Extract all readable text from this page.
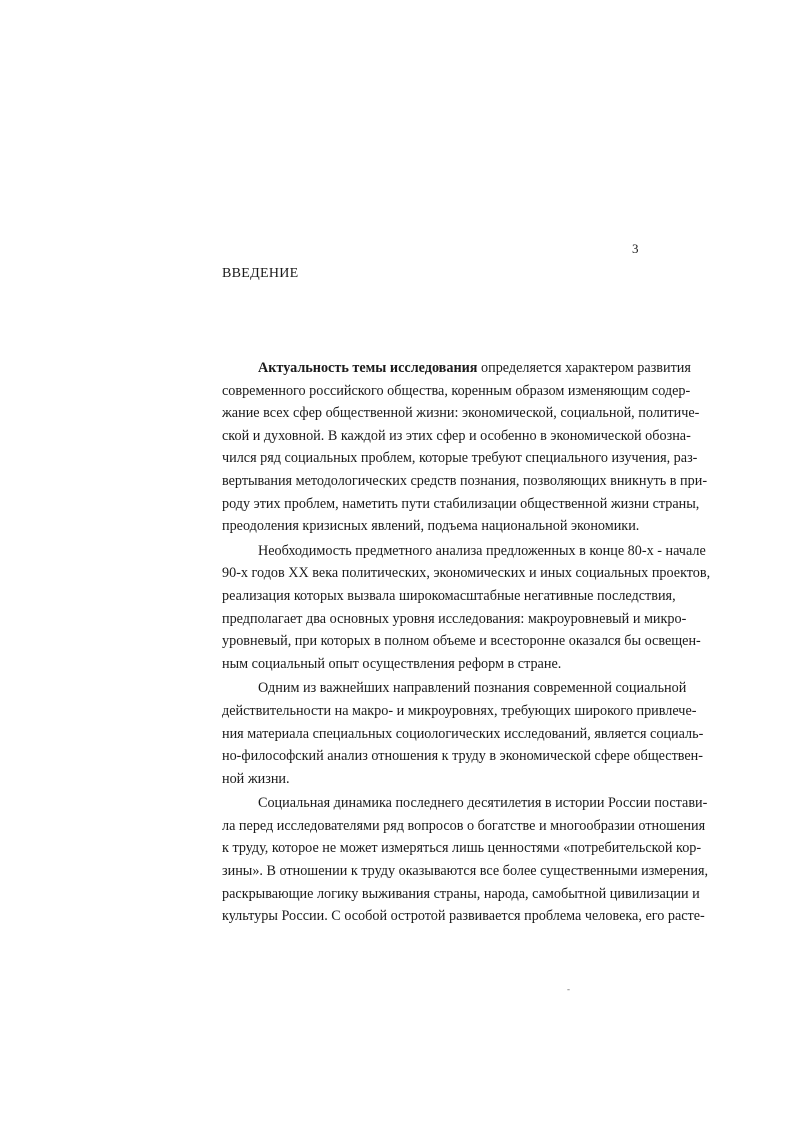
3
ВВЕДЕНИЕ
Актуальность темы исследования определяется характером развития
современного российского общества, коренным образом изменяющим содер-
жание всех сфер общественной жизни: экономической, социальной, политиче-
ской и духовной. В каждой из этих сфер и особенно в экономической обозна-
чился ряд социальных проблем, которые требуют специального изучения, раз-
вертывания методологических средств познания, позволяющих вникнуть в при-
роду этих проблем, наметить пути стабилизации общественной жизни страны,
преодоления кризисных явлений, подъема национальной экономики.
Необходимость предметного анализа предложенных в конце 80-х - начале
90-х годов XX века политических, экономических и иных социальных проектов,
реализация которых вызвала широкомасштабные негативные последствия,
предполагает два основных уровня исследования: макроуровневый и микро-
уровневый, при которых в полном объеме и всесторонне оказался бы освещен-
ным социальный опыт осуществления реформ в стране.
Одним из важнейших направлений познания современной социальной
действительности на макро- и микроуровнях, требующих широкого привлече-
ния материала специальных социологических исследований, является социаль-
но-философский анализ отношения к труду в экономической сфере обществен-
ной жизни.
Социальная динамика последнего десятилетия в истории России постави-
ла перед исследователями ряд вопросов о богатстве и многообразии отношения
к труду, которое не может измеряться лишь ценностями «потребительской кор-
зины». В отношении к труду оказываются все более существенными измерения,
раскрывающие логику выживания страны, народа, самобытной цивилизации и
культуры России. С особой остротой развивается проблема человека, его расте-
-
